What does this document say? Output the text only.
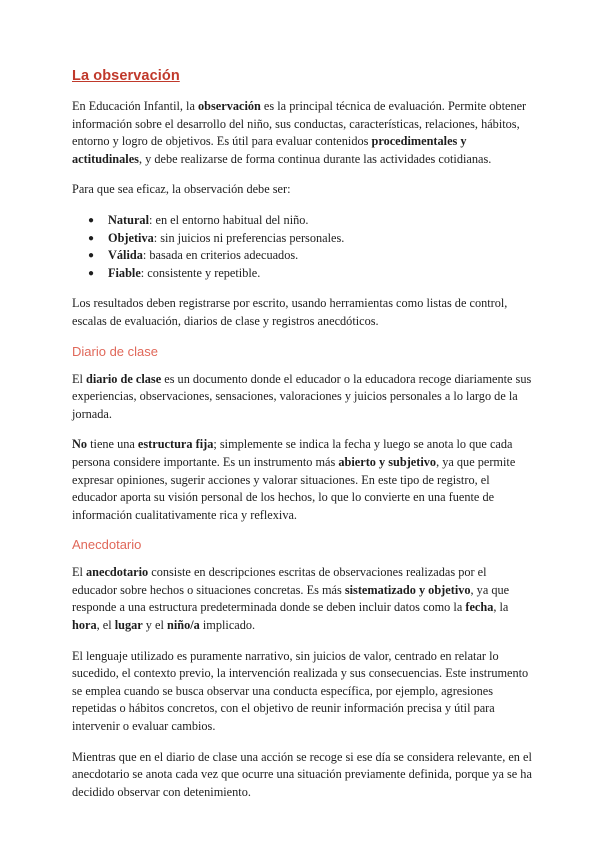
La observación

En Educación Infantil, la observación es la principal técnica de evaluación. Permite obtener información sobre el desarrollo del niño, sus conductas, características, relaciones, hábitos, entorno y logro de objetivos. Es útil para evaluar contenidos procedimentales y actitudinales, y debe realizarse de forma continua durante las actividades cotidianas.

Para que sea eficaz, la observación debe ser:

● Natural: en el entorno habitual del niño.
● Objetiva: sin juicios ni preferencias personales.
● Válida: basada en criterios adecuados.
● Fiable: consistente y repetible.

Los resultados deben registrarse por escrito, usando herramientas como listas de control, escalas de evaluación, diarios de clase y registros anecdóticos.

Diario de clase

El diario de clase es un documento donde el educador o la educadora recoge diariamente sus experiencias, observaciones, sensaciones, valoraciones y juicios personales a lo largo de la jornada.

No tiene una estructura fija; simplemente se indica la fecha y luego se anota lo que cada persona considere importante. Es un instrumento más abierto y subjetivo, ya que permite expresar opiniones, sugerir acciones y valorar situaciones. En este tipo de registro, el educador aporta su visión personal de los hechos, lo que lo convierte en una fuente de información cualitativamente rica y reflexiva.

Anecdotario

El anecdotario consiste en descripciones escritas de observaciones realizadas por el educador sobre hechos o situaciones concretas. Es más sistematizado y objetivo, ya que responde a una estructura predeterminada donde se deben incluir datos como la fecha, la hora, el lugar y el niño/a implicado.

El lenguaje utilizado es puramente narrativo, sin juicios de valor, centrado en relatar lo sucedido, el contexto previo, la intervención realizada y sus consecuencias. Este instrumento se emplea cuando se busca observar una conducta específica, por ejemplo, agresiones repetidas o hábitos concretos, con el objetivo de reunir información precisa y útil para intervenir o evaluar cambios.

Mientras que en el diario de clase una acción se recoge si ese día se considera relevante, en el anecdotario se anota cada vez que ocurre una situación previamente definida, porque ya se ha decidido observar con detenimiento.
